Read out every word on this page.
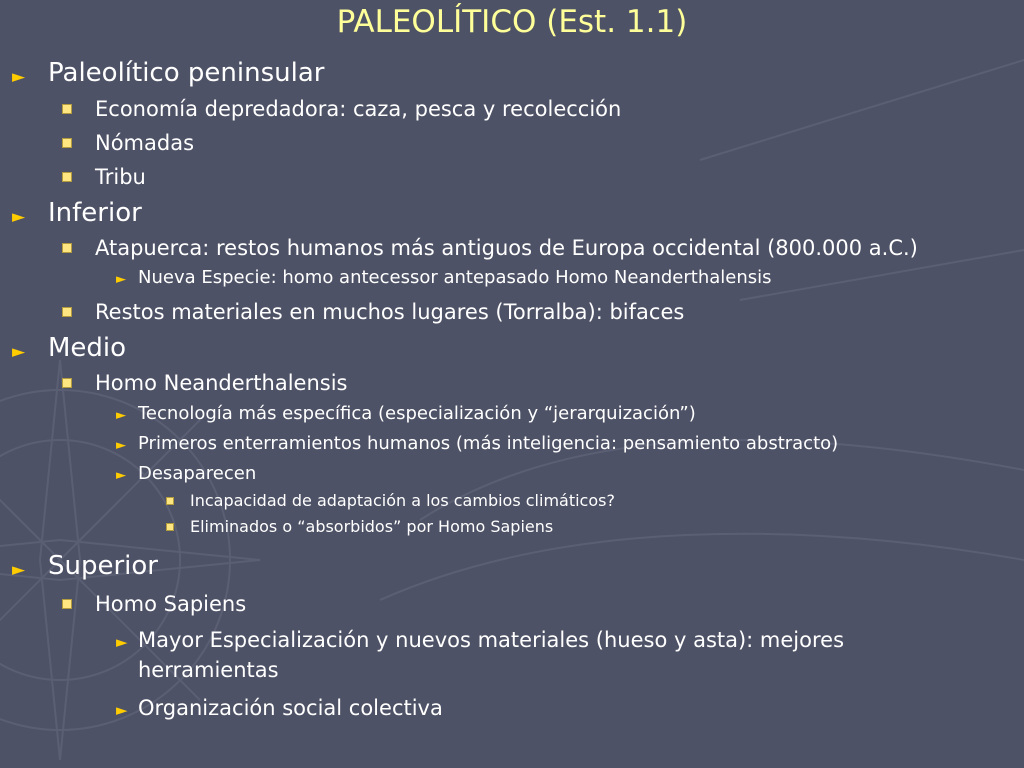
PALEOLÍTICO (Est. 1.1)
► Paleolítico peninsular
Economía depredadora: caza, pesca y recolección
Nómadas
Tribu
► Inferior
Atapuerca: restos humanos más antiguos de Europa occidental (800.000 a.C.)
► Nueva Especie: homo antecessor antepasado Homo Neanderthalensis
Restos materiales en muchos lugares (Torralba): bifaces
► Medio
Homo Neanderthalensis
► Tecnología más específica (especialización y “jerarquización”)
► Primeros enterramientos humanos (más inteligencia: pensamiento abstracto)
► Desaparecen
Incapacidad de adaptación a los cambios climáticos?
Eliminados o “absorbidos” por Homo Sapiens
► Superior
Homo Sapiens
► Mayor Especialización y nuevos materiales (hueso y asta): mejores herramientas
► Organización social colectiva
